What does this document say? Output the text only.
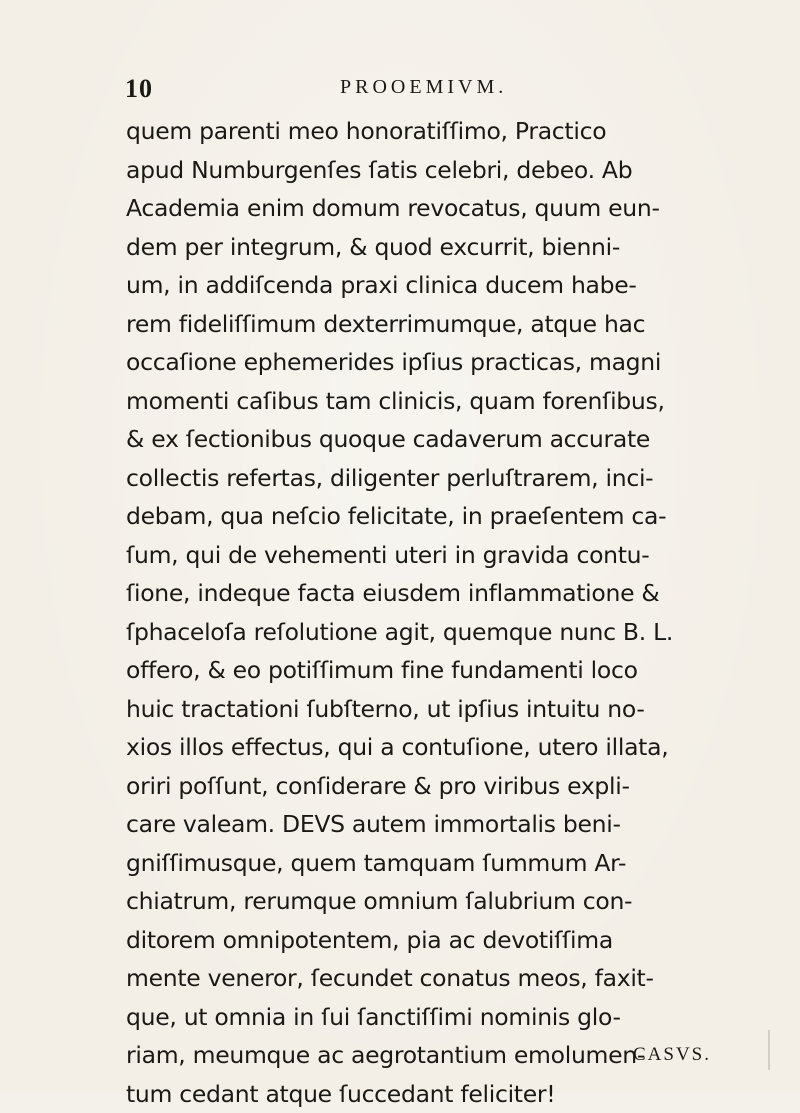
10	PROOEMIVM.
quem parenti meo honoratiſſimo, Practico
apud Numburgenſes ſatis celebri, debeo. Ab
Academia enim domum revocatus, quum eun-
dem per integrum, & quod excurrit, bienni-
um, in addiſcenda praxi clinica ducem habe-
rem fideliſſimum dexterrimumque, atque hac
occaſione ephemerides ipſius practicas, magni
momenti caſibus tam clinicis, quam forenſibus,
& ex ſectionibus quoque cadaverum accurate
collectis refertas, diligenter perluſtrarem, inci-
debam, qua neſcio felicitate, in praeſentem ca-
ſum, qui de vehementi uteri in gravida contu-
ſione, indeque facta eiusdem inflammatione &
ſphaceloſa reſolutione agit, quemque nunc B. L.
offero, & eo potiſſimum fine fundamenti loco
huic tractationi ſubſterno, ut ipſius intuitu no-
xios illos effectus, qui a contuſione, utero illata,
oriri poſſunt, conſiderare & pro viribus expli-
care valeam. DEVS autem immortalis beni-
gniſſimusque, quem tamquam ſummum Ar-
chiatrum, rerumque omnium ſalubrium con-
ditorem omnipotentem, pia ac devotiſſima
mente veneror, ſecundet conatus meos, faxit-
que, ut omnia in ſui ſanctiſſimi nominis glo-
riam, meumque ac aegrotantium emolumen-
tum cedant atque ſuccedant feliciter!
CASVS.
